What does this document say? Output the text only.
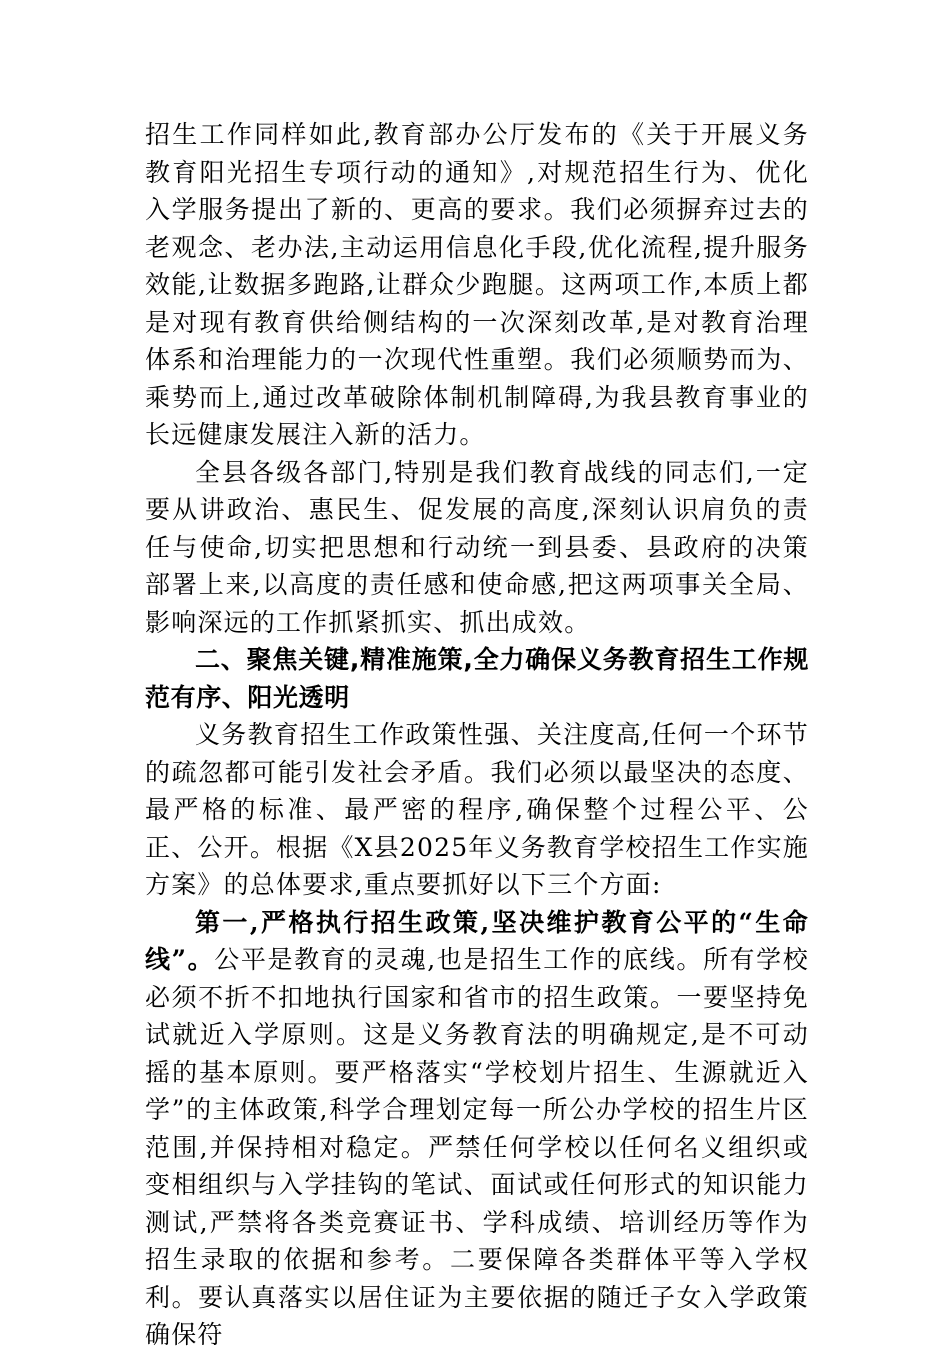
招生工作同样如此,教育部办公厅发布的《关于开展义务教育阳光招生专项行动的通知》,对规范招生行为、优化入学服务提出了新的、更高的要求。我们必须摒弃过去的老观念、老办法,主动运用信息化手段,优化流程,提升服务效能,让数据多跑路,让群众少跑腿。这两项工作,本质上都是对现有教育供给侧结构的一次深刻改革,是对教育治理体系和治理能力的一次现代性重塑。我们必须顺势而为、乘势而上,通过改革破除体制机制障碍,为我县教育事业的长远健康发展注入新的活力。

全县各级各部门,特别是我们教育战线的同志们,一定要从讲政治、惠民生、促发展的高度,深刻认识肩负的责任与使命,切实把思想和行动统一到县委、县政府的决策部署上来,以高度的责任感和使命感,把这两项事关全局、影响深远的工作抓紧抓实、抓出成效。

二、聚焦关键,精准施策,全力确保义务教育招生工作规范有序、阳光透明

义务教育招生工作政策性强、关注度高,任何一个环节的疏忽都可能引发社会矛盾。我们必须以最坚决的态度、最严格的标准、最严密的程序,确保整个过程公平、公正、公开。根据《X县2025年义务教育学校招生工作实施方案》的总体要求,重点要抓好以下三个方面:

第一,严格执行招生政策,坚决维护教育公平的“生命线”。公平是教育的灵魂,也是招生工作的底线。所有学校必须不折不扣地执行国家和省市的招生政策。一要坚持免试就近入学原则。这是义务教育法的明确规定,是不可动摇的基本原则。要严格落实“学校划片招生、生源就近入学”的主体政策,科学合理划定每一所公办学校的招生片区范围,并保持相对稳定。严禁任何学校以任何名义组织或变相组织与入学挂钩的笔试、面试或任何形式的知识能力测试,严禁将各类竞赛证书、学科成绩、培训经历等作为招生录取的依据和参考。二要保障各类群体平等入学权利。要认真落实以居住证为主要依据的随迁子女入学政策确保符
